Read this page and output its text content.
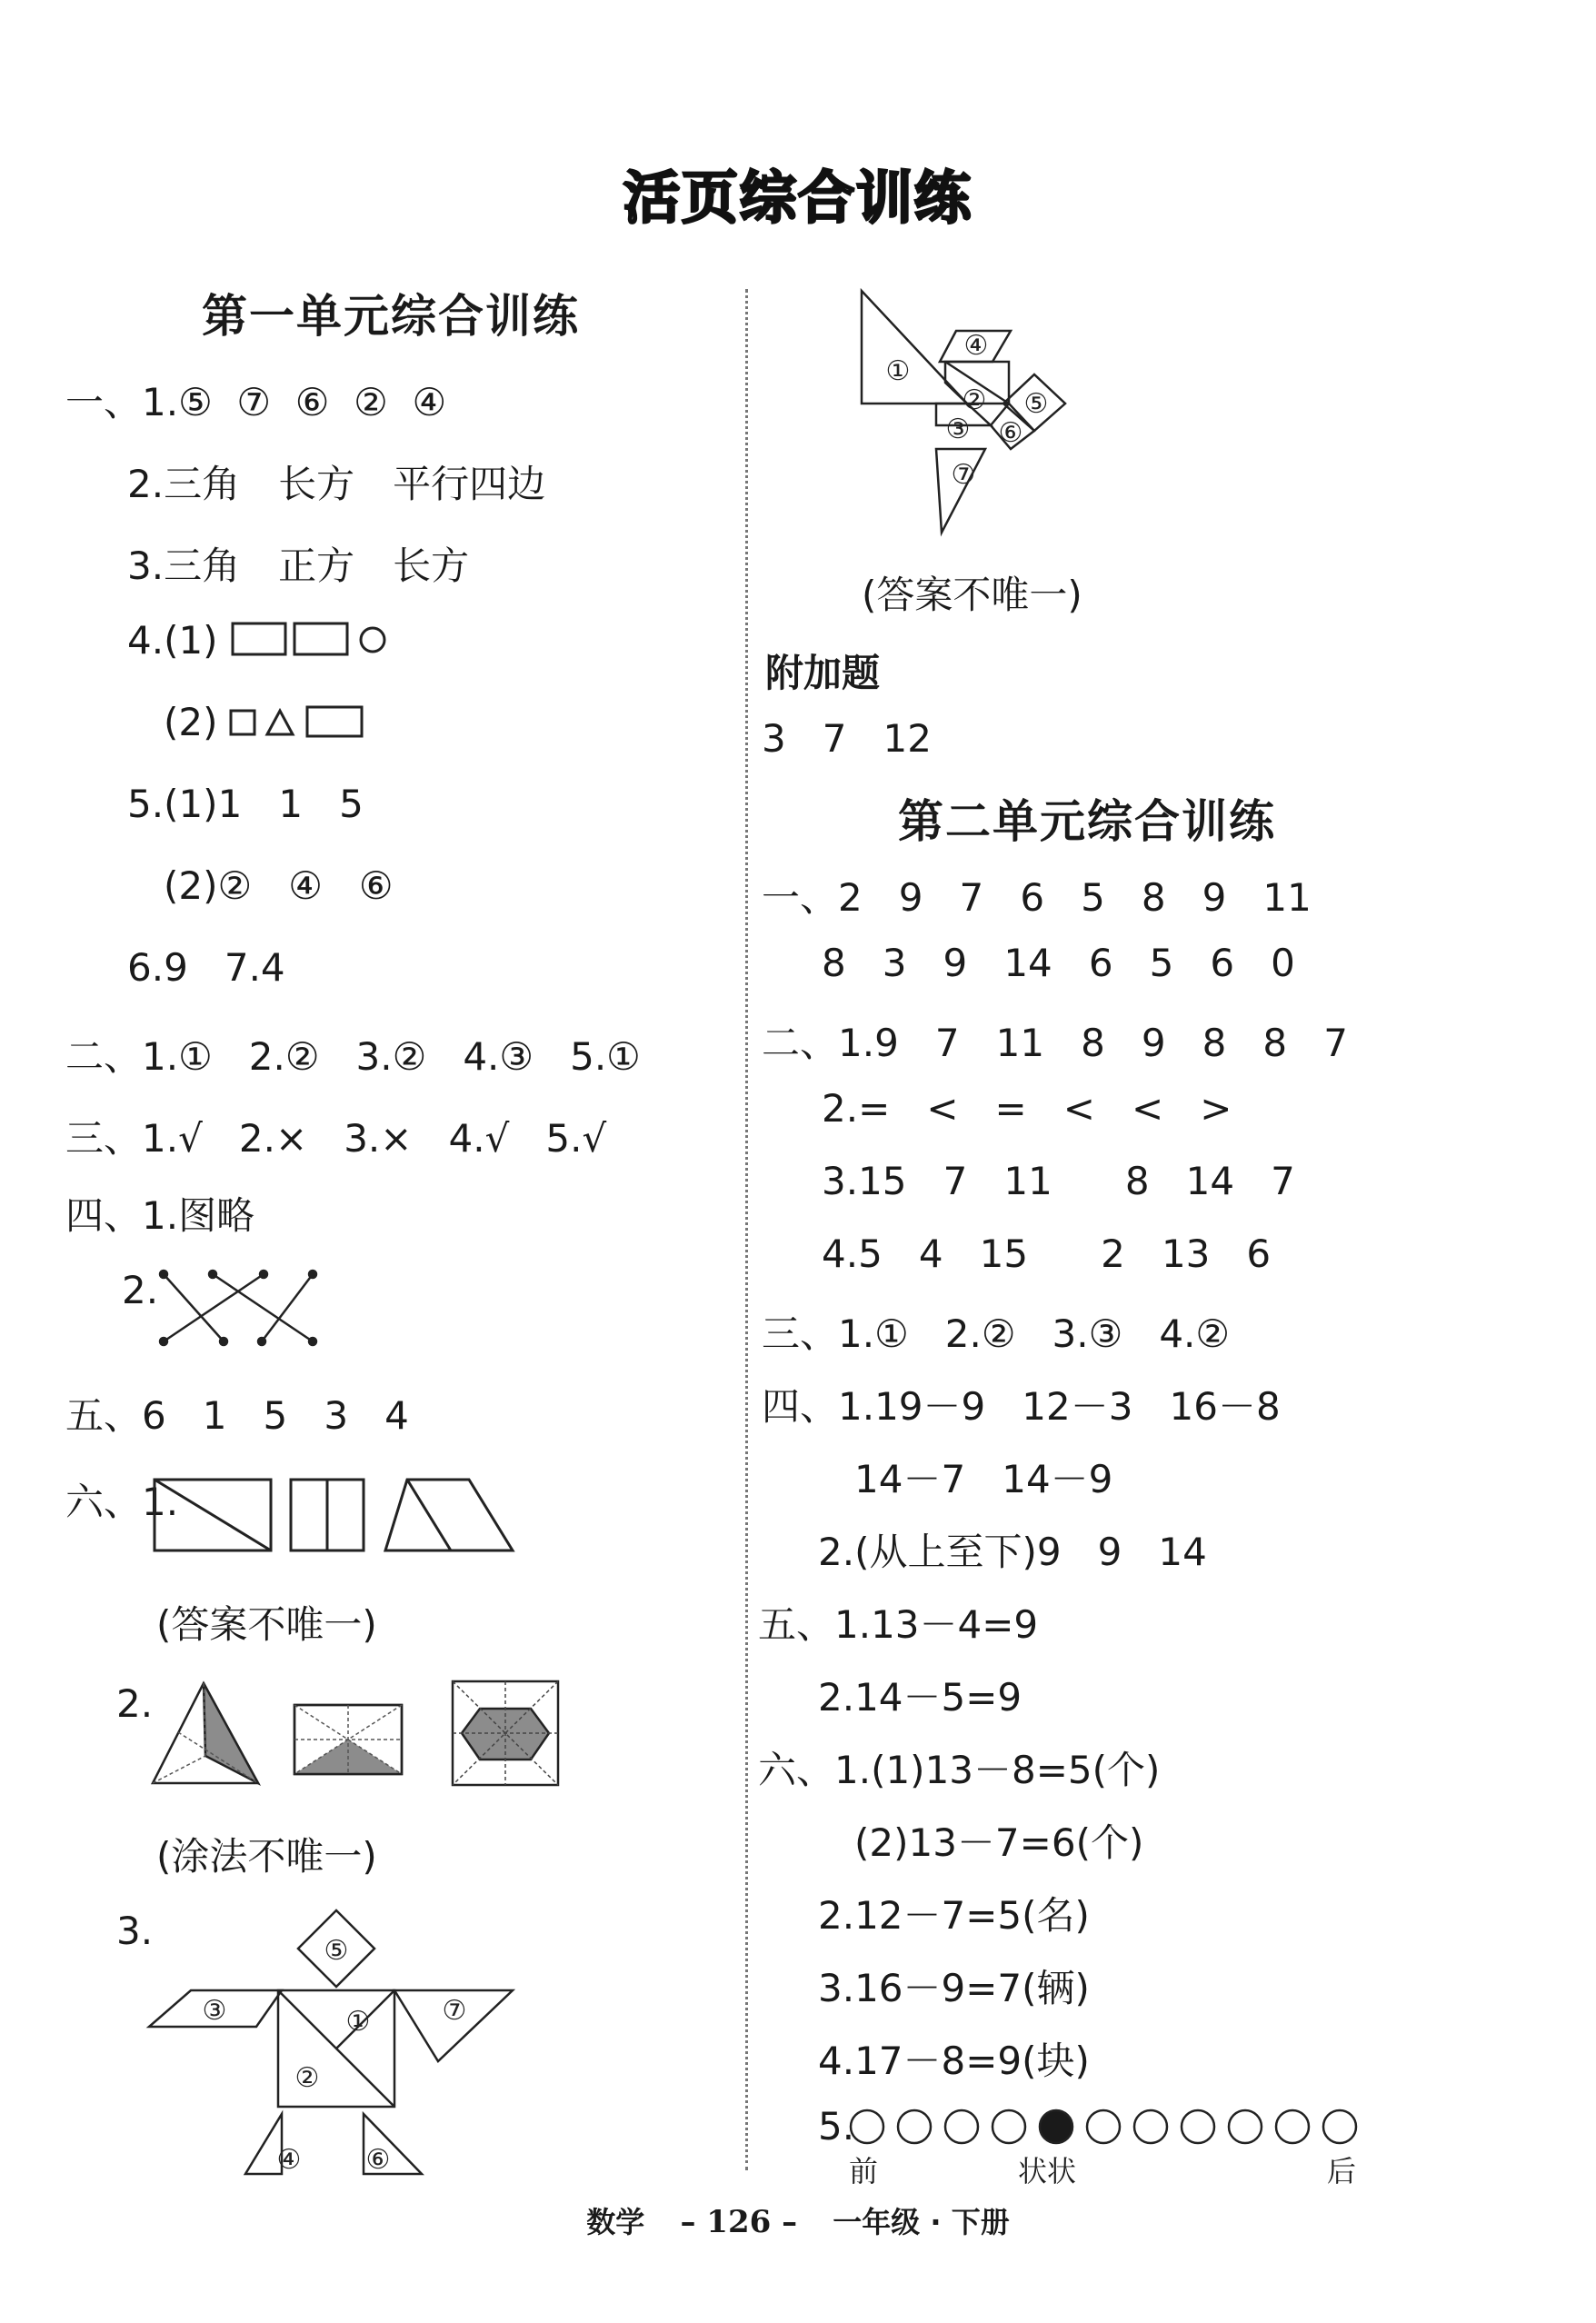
活页综合训练
第一单元综合训练
一、1.⑤  ⑦  ⑥  ②  ④
2.三角　长方　平行四边
3.三角　正方　长方
4.(1)
(2)
5.(1)1   1   5
(2)②   ④   ⑥
6.9   7.4
二、1.①   2.②   3.②   4.③   5.①
三、1.√   2.×   3.×   4.√   5.√
四、1.图略
2.
五、6   1   5   3   4
六、1.
(答案不唯一)
2.
(涂法不唯一)
3.	⑤
③	①
②
⑦
④ ⑥
①
②
③
④
⑤
⑥
⑦
(答案不唯一)
附加题
3   7   12
第二单元综合训练
一、2   9   7   6   5   8   9   11
8   3   9   14   6   5   6   0
二、1.9   7   11   8   9   8   8   7
2.=   <   =   <   <   >
3.15   7   11      8   14   7
4.5   4   15      2   13   6
三、1.①   2.②   3.③   4.②
四、1.19－9   12－3   16－8
14－7   14－9
2.(从上至下)9   9   14
五、1.13－4=9
2.14－5=9
六、1.(1)13－8=5(个)
(2)13－7=6(个)
2.12－7=5(名)
3.16－9=7(辆)
4.17－8=9(块)
5.
前	状状	后
数学 – 126 – 一年级 · 下册
